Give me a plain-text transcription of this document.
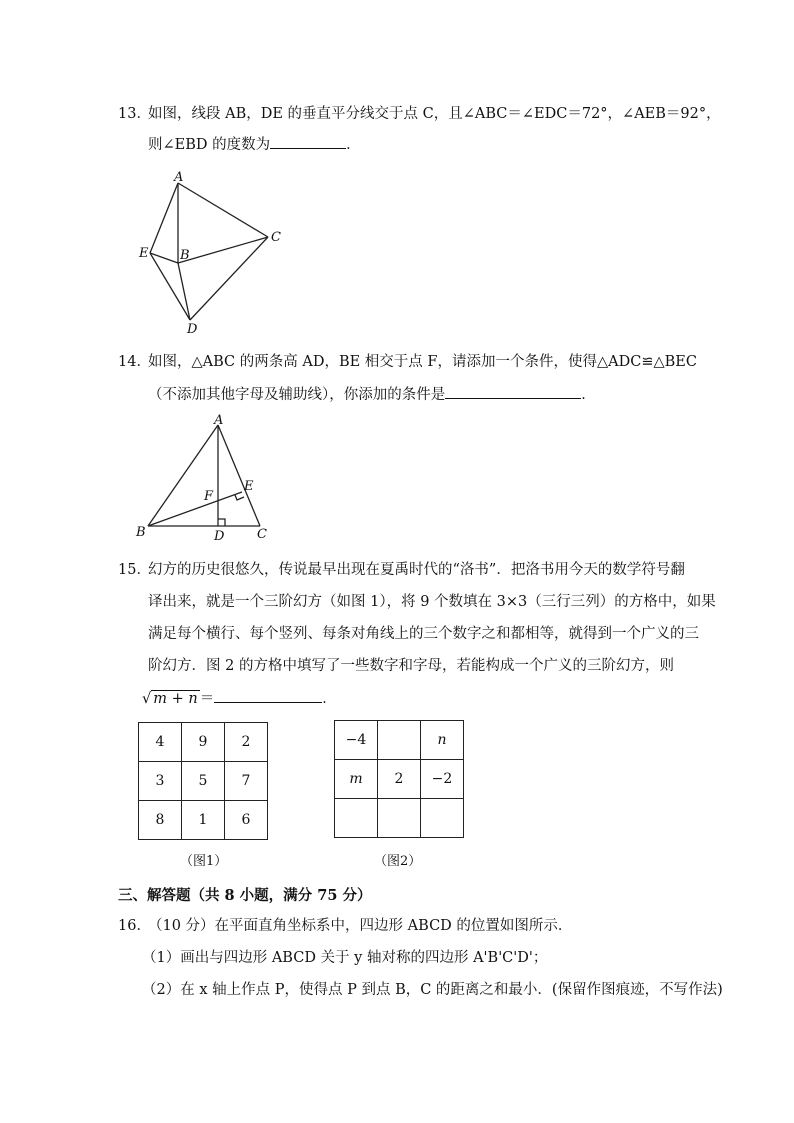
13．
如图，线段 AB，DE 的垂直平分线交于点 C，且∠ABC＝∠EDC＝72°，∠AEB＝92°，
则∠EBD 的度数为	．
A
B
C
D
E
14．
如图，△ABC 的两条高 AD，BE 相交于点 F，请添加一个条件，使得△ADC≌△BEC
（不添加其他字母及辅助线），你添加的条件是	．
A
B	C
D
E
F
15．
幻方的历史很悠久，传说最早出现在夏禹时代的“洛书”．把洛书用今天的数学符号翻
译出来，就是一个三阶幻方（如图 1），将 9 个数填在 3×3（三行三列）的方格中，如果
满足每个横行、每个竖列、每条对角线上的三个数字之和都相等，就得到一个广义的三
阶幻方．图 2 的方格中填写了一些数字和字母，若能构成一个广义的三阶幻方，则
√ m + n ＝	．
4	9	2
3	5	7
8	1	6
（图1）
−4		n
m	2	−2

（图2）
三、解答题（共 8 小题，满分 75 分）
16．
（10 分）在平面直角坐标系中，四边形 ABCD 的位置如图所示．
（1）画出与四边形 ABCD 关于 y 轴对称的四边形 A'B'C'D'；
（2）在 x 轴上作点 P，使得点 P 到点 B，C 的距离之和最小．(保留作图痕迹，不写作法)
